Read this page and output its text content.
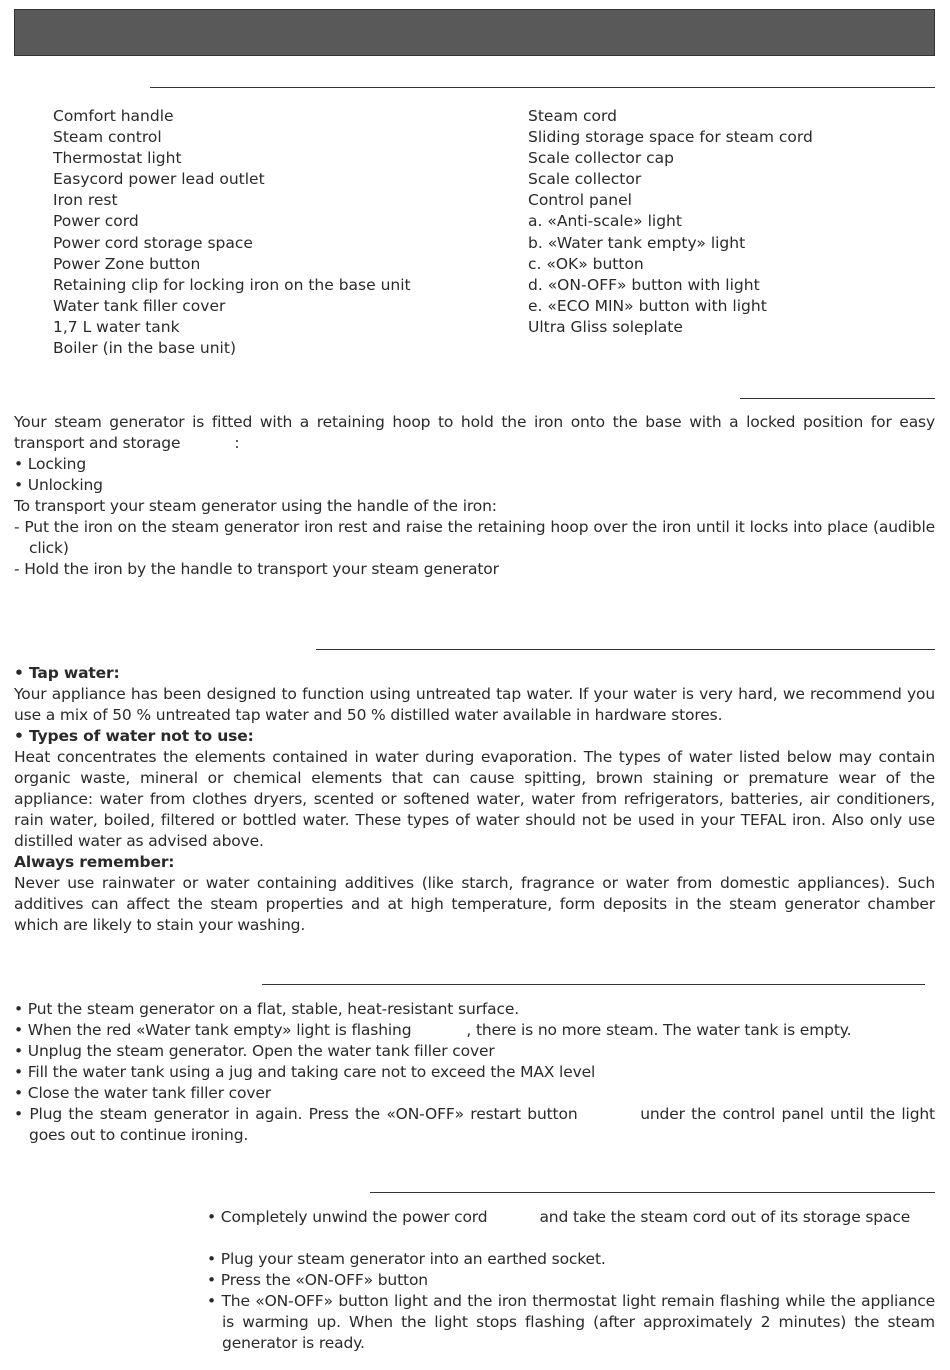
Comfort handle
Steam control
Thermostat light
Easycord power lead outlet
Iron rest
Power cord
Power cord storage space
Power Zone button
Retaining clip for locking iron on the base unit
Water tank filler cover
1,7 L water tank
Boiler (in the base unit)
Steam cord
Sliding storage space for steam cord
Scale collector cap
Scale collector
Control panel
a. «Anti-scale» light
b. «Water tank empty» light
c. «OK» button
d. «ON-OFF» button with light
e. «ECO MIN» button with light
Ultra Gliss soleplate

Your steam generator is fitted with a retaining hoop to hold the iron onto the base with a locked position for easy transport and storage	:

• Locking

• Unlocking

To transport your steam generator using the handle of the iron:

- Put the iron on the steam generator iron rest and raise the retaining hoop over the iron until it locks into place (audible click)

- Hold the iron by the handle to transport your steam generator

• Tap water:

Your appliance has been designed to function using untreated tap water. If your water is very hard, we recommend you use a mix of 50 % untreated tap water and 50 % distilled water available in hardware stores.

• Types of water not to use:

Heat concentrates the elements contained in water during evaporation. The types of water listed below may contain organic waste, mineral or chemical elements that can cause spitting, brown staining or premature wear of the appliance: water from clothes dryers, scented or softened water, water from refrigerators, batteries, air conditioners, rain water, boiled, filtered or bottled water. These types of water should not be used in your TEFAL iron. Also only use distilled water as advised above.

Always remember:

Never use rainwater or water containing additives (like starch, fragrance or water from domestic appliances). Such additives can affect the steam properties and at high temperature, form deposits in the steam generator chamber which are likely to stain your washing.

• Put the steam generator on a flat, stable, heat-resistant surface.

• When the red «Water tank empty» light is flashing	, there is no more steam. The water tank is empty.

• Unplug the steam generator. Open the water tank filler cover

• Fill the water tank using a jug and taking care not to exceed the MAX level

• Close the water tank filler cover

• Plug the steam generator in again. Press the «ON-OFF» restart button	under the control panel until the light goes out to continue ironing.

• Completely unwind the power cord	and take the steam cord out of its storage space

• Plug your steam generator into an earthed socket.

• Press the «ON-OFF» button

• The «ON-OFF» button light and the iron thermostat light remain flashing while the appliance is warming up. When the light stops flashing (after approximately 2 minutes) the steam generator is ready.
